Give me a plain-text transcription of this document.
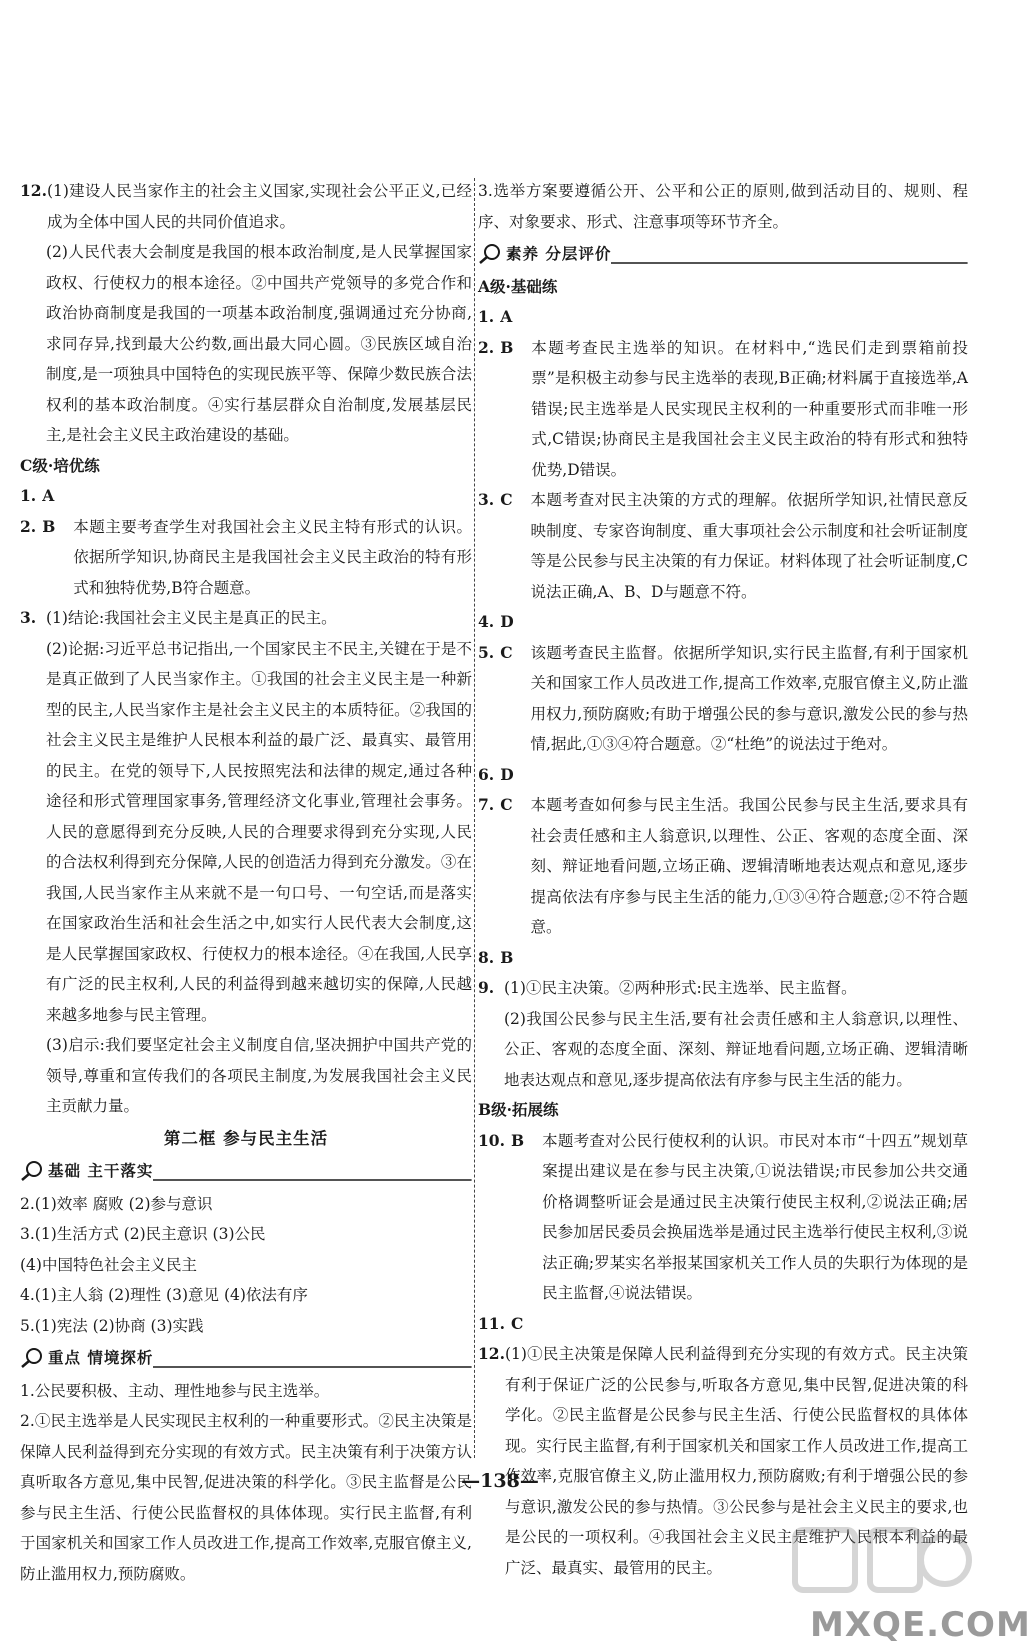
12. (1)建设人民当家作主的社会主义国家,实现社会公平正义,已经成为全体中国人民的共同价值追求。

(2)人民代表大会制度是我国的根本政治制度,是人民掌握国家政权、行使权力的根本途径。②中国共产党领导的多党合作和政治协商制度是我国的一项基本政治制度,强调通过充分协商,求同存异,找到最大公约数,画出最大同心圆。③民族区域自治制度,是一项独具中国特色的实现民族平等、保障少数民族合法权利的基本政治制度。④实行基层群众自治制度,发展基层民主,是社会主义民主政治建设的基础。

C级·培优练
1. A
2. B	本题主要考查学生对我国社会主义民主特有形式的认识。依据所学知识,协商民主是我国社会主义民主政治的特有形式和独特优势,B符合题意。

3. (1)结论:我国社会主义民主是真正的民主。

(2)论据:习近平总书记指出,一个国家民主不民主,关键在于是不是真正做到了人民当家作主。①我国的社会主义民主是一种新型的民主,人民当家作主是社会主义民主的本质特征。②我国的社会主义民主是维护人民根本利益的最广泛、最真实、最管用的民主。在党的领导下,人民按照宪法和法律的规定,通过各种途径和形式管理国家事务,管理经济文化事业,管理社会事务。人民的意愿得到充分反映,人民的合理要求得到充分实现,人民的合法权利得到充分保障,人民的创造活力得到充分激发。③在我国,人民当家作主从来就不是一句口号、一句空话,而是落实在国家政治生活和社会生活之中,如实行人民代表大会制度,这是人民掌握国家政权、行使权力的根本途径。④在我国,人民享有广泛的民主权利,人民的利益得到越来越切实的保障,人民越来越多地参与民主管理。

(3)启示:我们要坚定社会主义制度自信,坚决拥护中国共产党的领导,尊重和宣传我们的各项民主制度,为发展我国社会主义民主贡献力量。

第二框 参与民主生活
基础 主干落实

2.(1)效率 腐败 (2)参与意识

3.(1)生活方式 (2)民主意识 (3)公民

(4)中国特色社会主义民主

4.(1)主人翁 (2)理性 (3)意见 (4)依法有序

5.(1)宪法 (2)协商 (3)实践

重点 情境探析

1.公民要积极、主动、理性地参与民主选举。

2.①民主选举是人民实现民主权利的一种重要形式。②民主决策是保障人民利益得到充分实现的有效方式。民主决策有利于决策方认真听取各方意见,集中民智,促进决策的科学化。③民主监督是公民参与民主生活、行使公民监督权的具体体现。实行民主监督,有利于国家机关和国家工作人员改进工作,提高工作效率,克服官僚主义,防止滥用权力,预防腐败。

3.选举方案要遵循公开、公平和公正的原则,做到活动目的、规则、程序、对象要求、形式、注意事项等环节齐全。

素养 分层评价
A级·基础练
1. A
2. B	本题考查民主选举的知识。在材料中,“选民们走到票箱前投票”是积极主动参与民主选举的表现,B正确;材料属于直接选举,A错误;民主选举是人民实现民主权利的一种重要形式而非唯一形式,C错误;协商民主是我国社会主义民主政治的特有形式和独特优势,D错误。

3. C	本题考查对民主决策的方式的理解。依据所学知识,社情民意反映制度、专家咨询制度、重大事项社会公示制度和社会听证制度等是公民参与民主决策的有力保证。材料体现了社会听证制度,C说法正确,A、B、D与题意不符。

4. D
5. C	该题考查民主监督。依据所学知识,实行民主监督,有利于国家机关和国家工作人员改进工作,提高工作效率,克服官僚主义,防止滥用权力,预防腐败;有助于增强公民的参与意识,激发公民的参与热情,据此,①③④符合题意。②“杜绝”的说法过于绝对。

6. D
7. C	本题考查如何参与民主生活。我国公民参与民主生活,要求具有社会责任感和主人翁意识,以理性、公正、客观的态度全面、深刻、辩证地看问题,立场正确、逻辑清晰地表达观点和意见,逐步提高依法有序参与民主生活的能力,①③④符合题意;②不符合题意。

8. B
9. (1)①民主决策。②两种形式:民主选举、民主监督。

(2)我国公民参与民主生活,要有社会责任感和主人翁意识,以理性、公正、客观的态度全面、深刻、辩证地看问题,立场正确、逻辑清晰地表达观点和意见,逐步提高依法有序参与民主生活的能力。

B级·拓展练
10. B	本题考查对公民行使权利的认识。市民对本市“十四五”规划草案提出建议是在参与民主决策,①说法错误;市民参加公共交通价格调整听证会是通过民主决策行使民主权利,②说法正确;居民参加居民委员会换届选举是通过民主选举行使民主权利,③说法正确;罗某实名举报某国家机关工作人员的失职行为体现的是民主监督,④说法错误。

11. C
12. (1)①民主决策是保障人民利益得到充分实现的有效方式。民主决策有利于保证广泛的公民参与,听取各方意见,集中民智,促进决策的科学化。②民主监督是公民参与民主生活、行使公民监督权的具体体现。实行民主监督,有利于国家机关和国家工作人员改进工作,提高工作效率,克服官僚主义,防止滥用权力,预防腐败;有利于增强公民的参与意识,激发公民的参与热情。③公民参与是社会主义民主的要求,也是公民的一项权利。④我国社会主义民主是维护人民根本利益的最广泛、最真实、最管用的民主。

—138—
MXQE.COM
